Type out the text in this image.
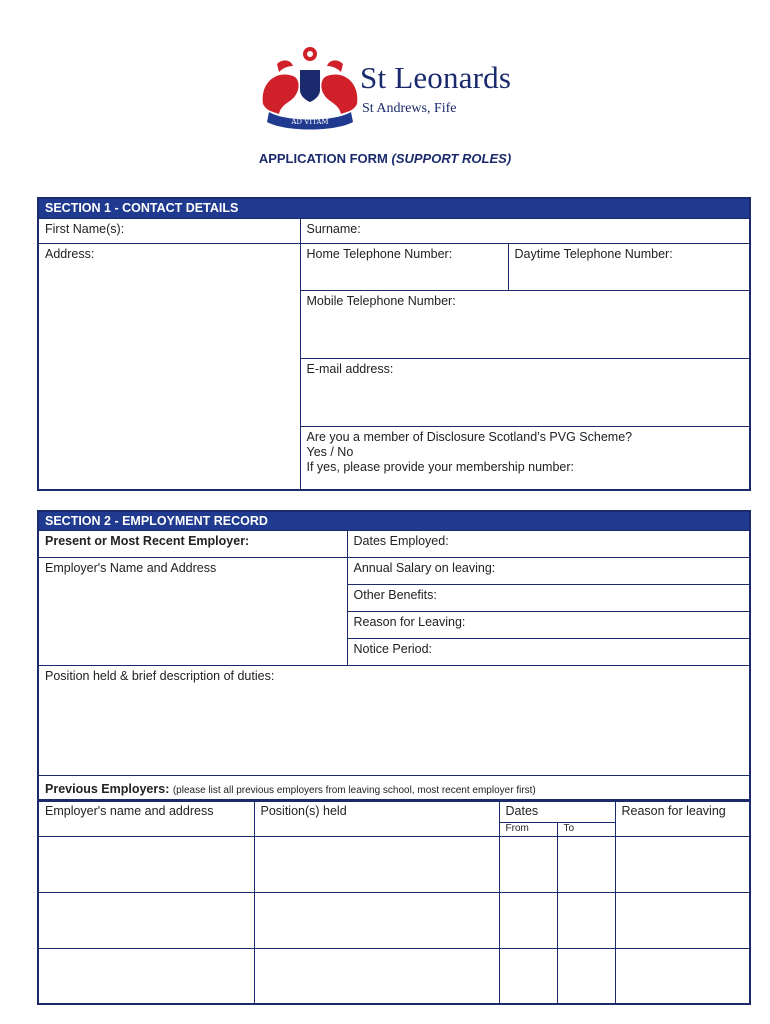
AD VITAM
St Leonards
St Andrews, Fife
APPLICATION FORM (SUPPORT ROLES)
SECTION 1 - CONTACT DETAILS		
First Name(s):	Surname:	
Address:	Home Telephone Number:	Daytime Telephone Number:
	Mobile Telephone Number:	
	E-mail address:	

	Are you a member of Disclosure Scotland’s PVG Scheme?
Yes / No
If yes, please provide your membership number:	
SECTION 2 - EMPLOYMENT RECORD	
Present or Most Recent Employer:	Dates Employed:
Employer's Name and Address	Annual Salary on leaving:
	Other Benefits:
	Reason for Leaving:
	Notice Period:
Position held & brief description of duties:	
Previous Employers: (please list all previous employers from leaving school, most recent employer first)	
Employer's name and address	Position(s) held	Dates		Reason for leaving
		From	To	
